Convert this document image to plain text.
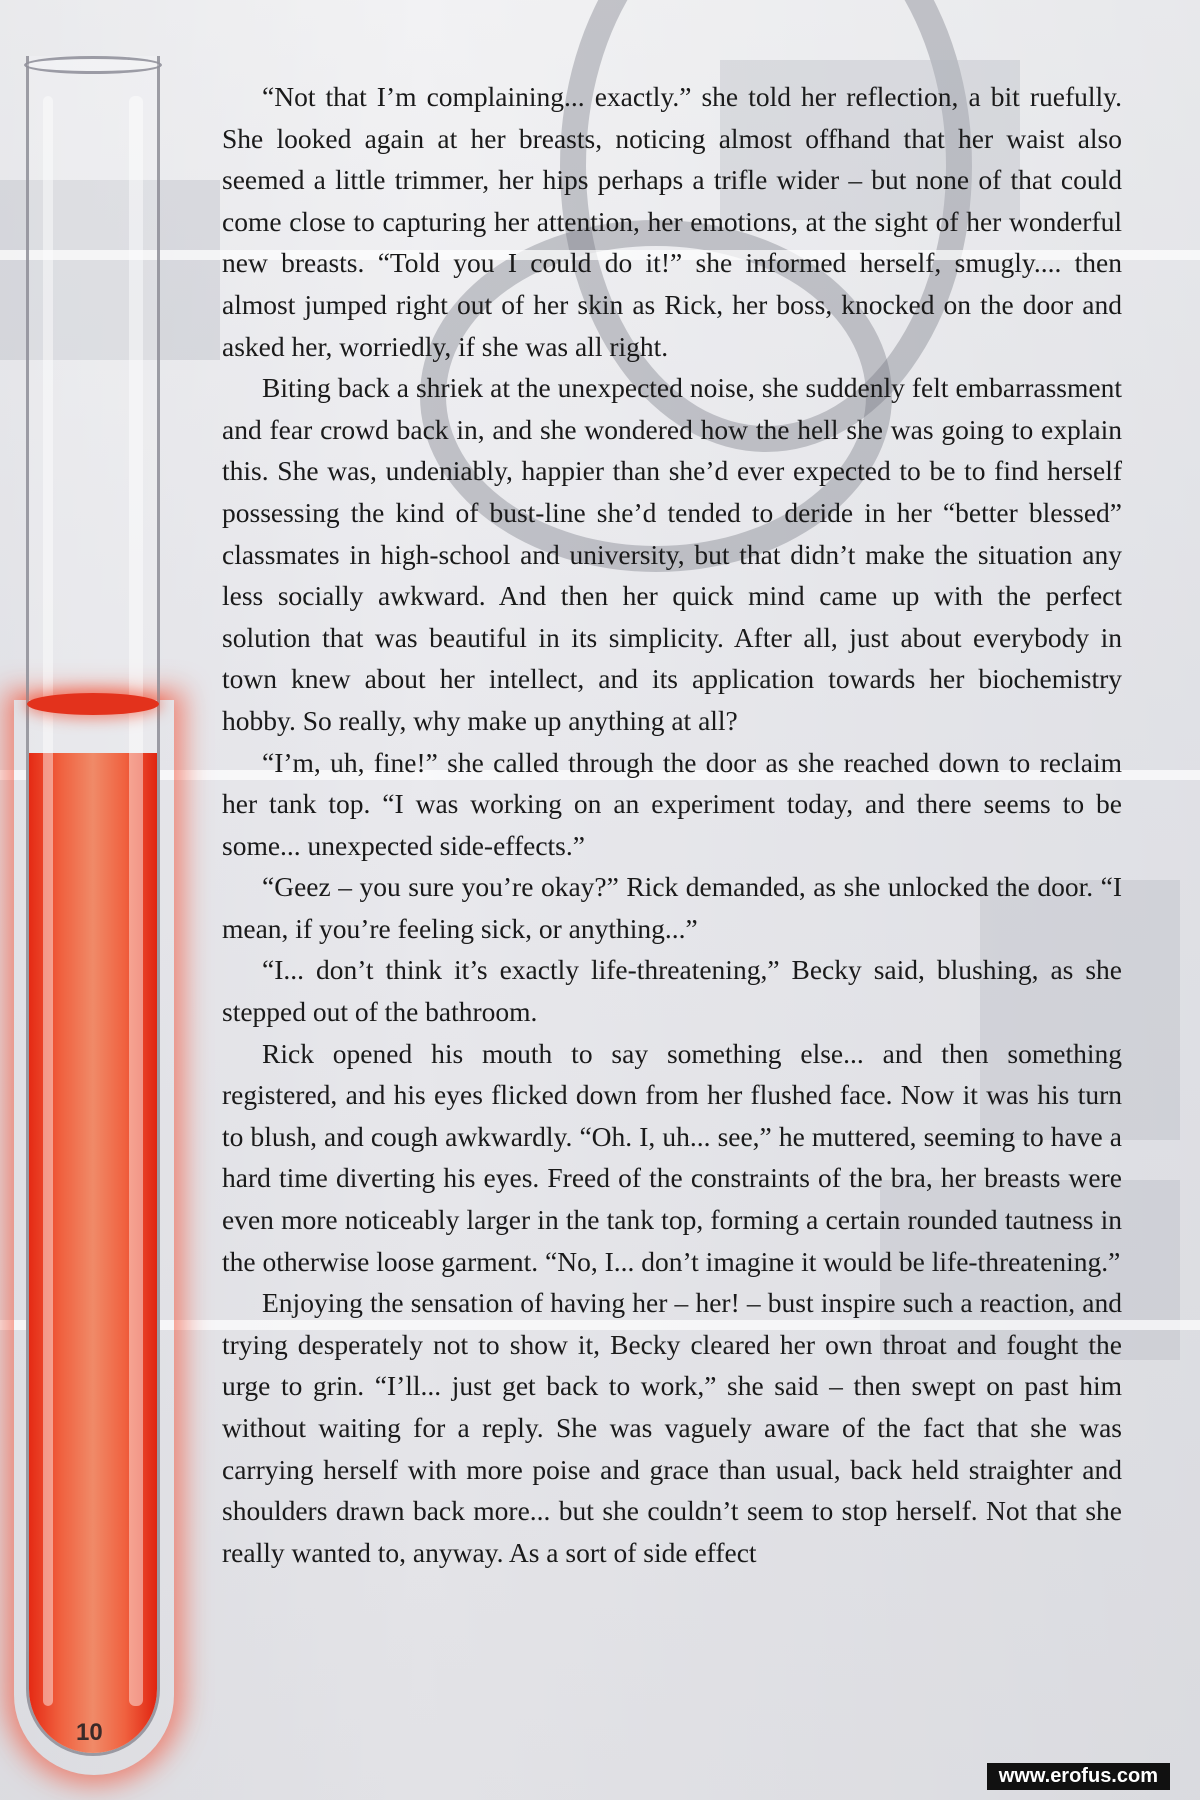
10

“Not that I’m complaining... exactly.” she told her reflection, a bit ruefully. She looked again at her breasts, noticing almost offhand that her waist also seemed a little trimmer, her hips perhaps a trifle wider – but none of that could come close to capturing her attention, her emotions, at the sight of her wonderful new breasts. “Told you I could do it!” she informed herself, smugly.... then almost jumped right out of her skin as Rick, her boss, knocked on the door and asked her, worriedly, if she was all right.

Biting back a shriek at the unexpected noise, she suddenly felt embarrassment and fear crowd back in, and she wondered how the hell she was going to explain this. She was, undeniably, happier than she’d ever expected to be to find herself possessing the kind of bust-line she’d tended to deride in her “better blessed” classmates in high-school and university, but that didn’t make the situation any less socially awkward. And then her quick mind came up with the perfect solution that was beautiful in its simplicity. After all, just about everybody in town knew about her intellect, and its application towards her biochemistry hobby. So really, why make up anything at all?

“I’m, uh, fine!” she called through the door as she reached down to reclaim her tank top. “I was working on an experiment today, and there seems to be some... unexpected side-effects.”

“Geez – you sure you’re okay?” Rick demanded, as she unlocked the door. “I mean, if you’re feeling sick, or anything...”

“I... don’t think it’s exactly life-threatening,” Becky said, blushing, as she stepped out of the bathroom.

Rick opened his mouth to say something else... and then something registered, and his eyes flicked down from her flushed face. Now it was his turn to blush, and cough awkwardly. “Oh. I, uh... see,” he muttered, seeming to have a hard time diverting his eyes. Freed of the constraints of the bra, her breasts were even more noticeably larger in the tank top, forming a certain rounded tautness in the otherwise loose garment. “No, I... don’t imagine it would be life-threatening.”

Enjoying the sensation of having her – her! – bust inspire such a reaction, and trying desperately not to show it, Becky cleared her own throat and fought the urge to grin. “I’ll... just get back to work,” she said – then swept on past him without waiting for a reply. She was vaguely aware of the fact that she was carrying herself with more poise and grace than usual, back held straighter and shoulders drawn back more... but she couldn’t seem to stop herself. Not that she really wanted to, anyway. As a sort of side effect

www.erofus.com
